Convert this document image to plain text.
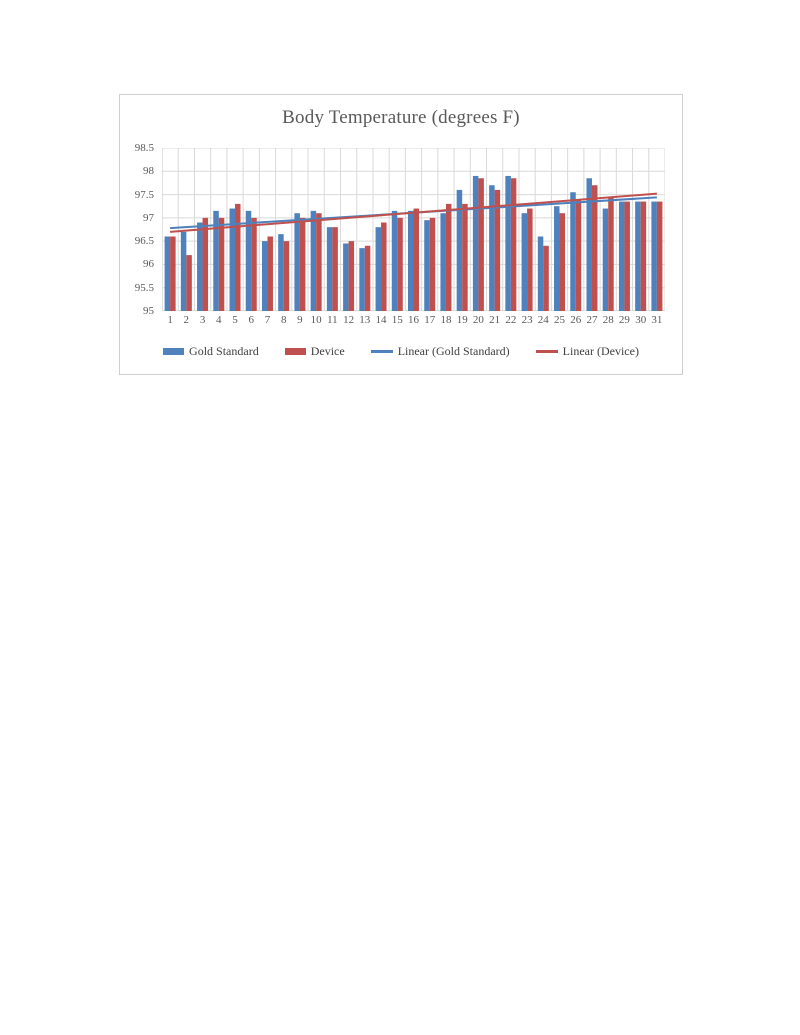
Body Temperature (degrees F)
98.5
98
97.5
97
96.5
96
95.5
95
1 2 3 4 5 6 7 8 9 10 11 12 13 14 15 16 17 18 19 20 21 22 23 24 25 26 27 28 29 30 31
Gold Standard	Device	Linear (Gold Standard)	Linear (Device)
